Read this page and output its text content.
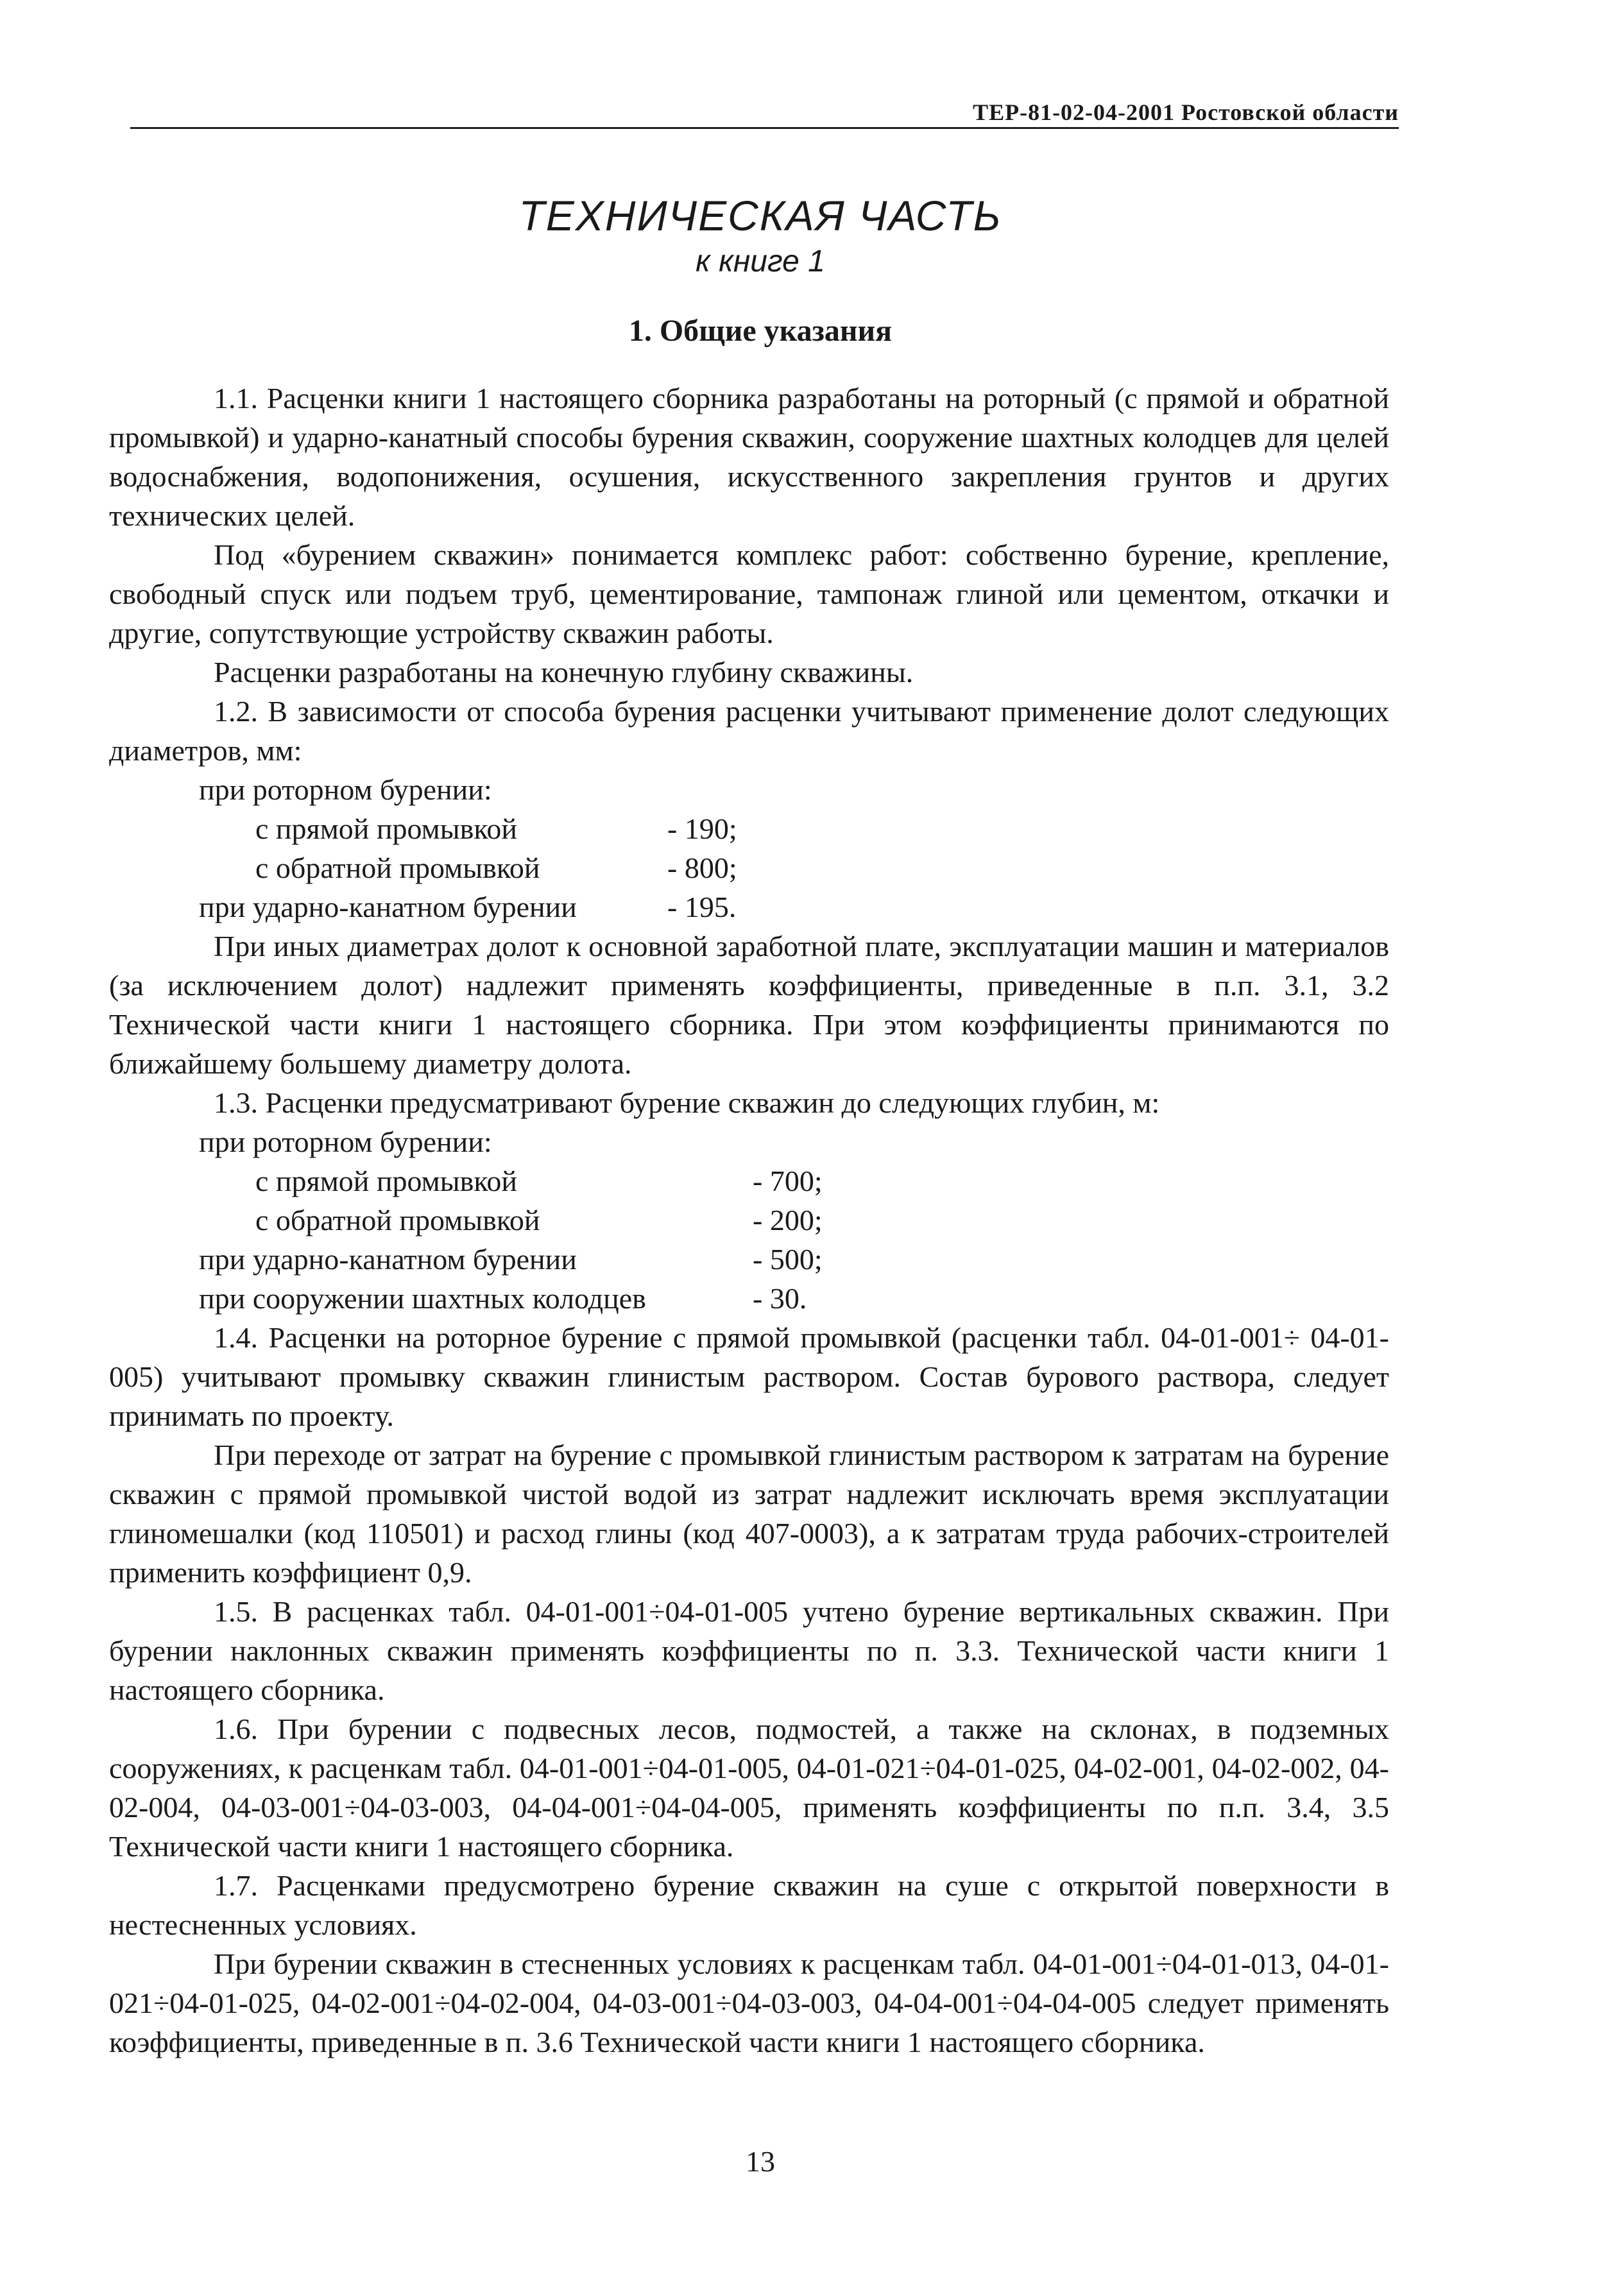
ТЕР-81-02-04-2001 Ростовской области
ТЕХНИЧЕСКАЯ ЧАСТЬ
к книге 1
1. Общие указания

1.1. Расценки книги 1 настоящего сборника разработаны на роторный (с прямой и обратной промывкой) и ударно-канатный способы бурения скважин, сооружение шахтных колодцев для целей водоснабжения, водопонижения, осушения, искусственного закрепления грунтов и других технических целей.

Под «бурением скважин» понимается комплекс работ: собственно бурение, крепление, свободный спуск или подъем труб, цементирование, тампонаж глиной или цементом, откачки и другие, сопутствующие устройству скважин работы.

Расценки разработаны на конечную глубину скважины.

1.2. В зависимости от способа бурения расценки учитывают применение долот следующих диаметров, мм:

при роторном бурении:
с прямой промывкой	- 190;
с обратной промывкой	- 800;
при ударно-канатном бурении	- 195.

При иных диаметрах долот к основной заработной плате, эксплуатации машин и материалов (за исключением долот) надлежит применять коэффициенты, приведенные в п.п. 3.1, 3.2 Технической части книги 1 настоящего сборника. При этом коэффициенты принимаются по ближайшему большему диаметру долота.

1.3. Расценки предусматривают бурение скважин до следующих глубин, м:

при роторном бурении:
с прямой промывкой	- 700;
с обратной промывкой	- 200;
при ударно-канатном бурении	- 500;
при сооружении шахтных колодцев	- 30.

1.4. Расценки на роторное бурение с прямой промывкой (расценки табл. 04-01-001÷ 04-01-005) учитывают промывку скважин глинистым раствором. Состав бурового раствора, следует принимать по проекту.

При переходе от затрат на бурение с промывкой глинистым раствором к затратам на бурение скважин с прямой промывкой чистой водой из затрат надлежит исключать время эксплуатации глиномешалки (код 110501) и расход глины (код 407-0003), а к затратам труда рабочих-строителей применить коэффициент 0,9.

1.5. В расценках табл. 04-01-001÷04-01-005 учтено бурение вертикальных скважин. При бурении наклонных скважин применять коэффициенты по п. 3.3. Технической части книги 1 настоящего сборника.

1.6. При бурении с подвесных лесов, подмостей, а также на склонах, в подземных сооружениях, к расценкам табл. 04-01-001÷04-01-005, 04-01-021÷04-01-025, 04-02-001, 04-02-002, 04-02-004, 04-03-001÷04-03-003, 04-04-001÷04-04-005, применять коэффициенты по п.п. 3.4, 3.5 Технической части книги 1 настоящего сборника.

1.7. Расценками предусмотрено бурение скважин на суше с открытой поверхности в нестесненных условиях.

При бурении скважин в стесненных условиях к расценкам табл. 04-01-001÷04-01-013, 04-01-021÷04-01-025, 04-02-001÷04-02-004, 04-03-001÷04-03-003, 04-04-001÷04-04-005 следует применять коэффициенты, приведенные в п. 3.6 Технической части книги 1 настоящего сборника.

13
